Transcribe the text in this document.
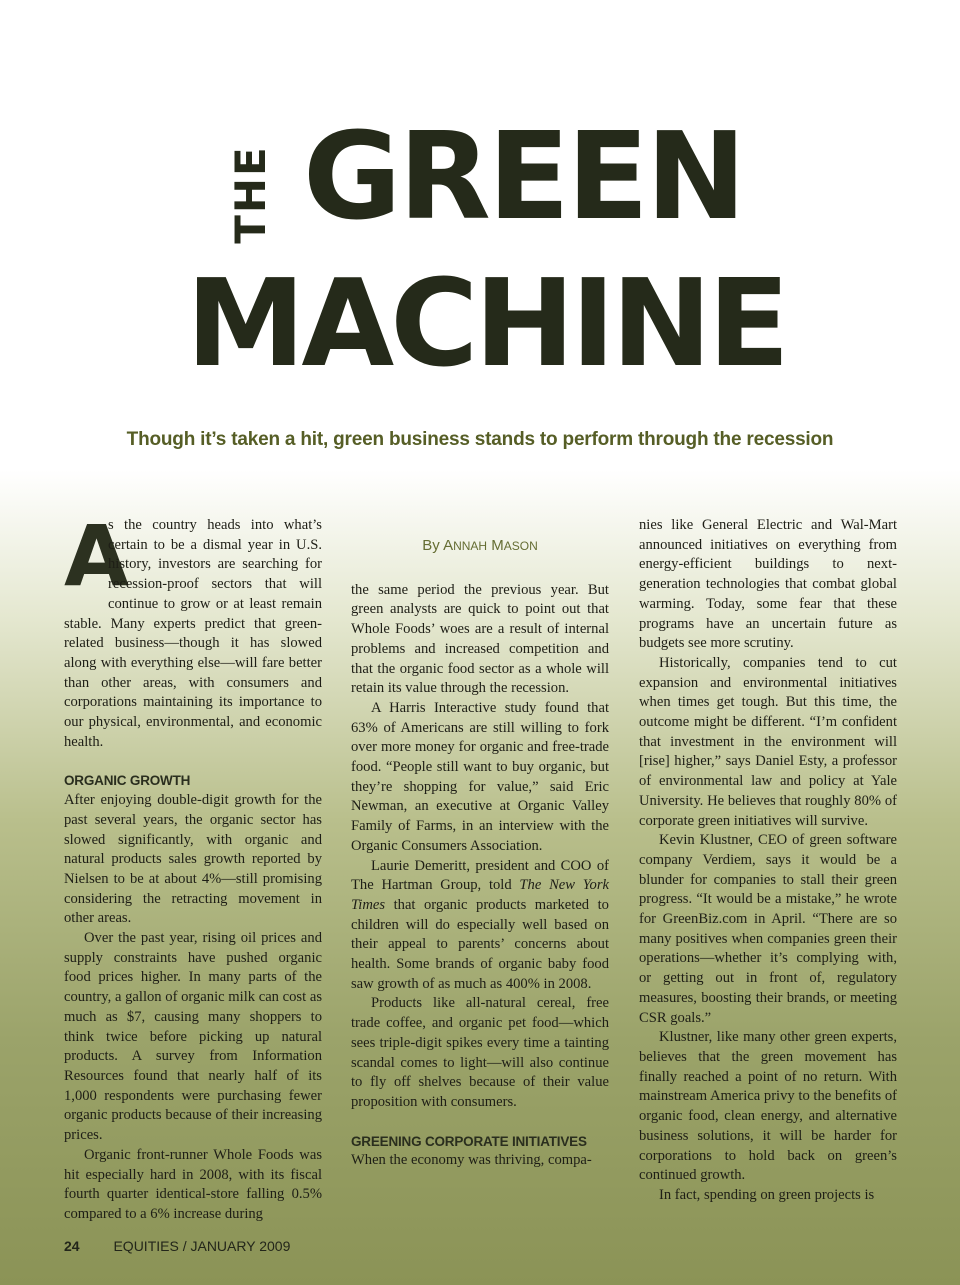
THE GREEN
MACHINE
Though it’s taken a hit, green business stands to perform through the recession
A

s the country heads into what’s certain to be a dismal year in U.S. history, investors are searching for recession-proof sectors that will continue to grow or at least remain stable. Many experts predict that green-related business—though it has slowed along with everything else—will fare better than other areas, with consumers and corporations maintaining its importance to our physical, environmental, and economic health.

ORGANIC GROWTH

After enjoying double-digit growth for the past several years, the organic sector has slowed significantly, with organic and natural products sales growth reported by Nielsen to be at about 4%—still promising considering the retracting movement in other areas.

Over the past year, rising oil prices and supply constraints have pushed organic food prices higher. In many parts of the country, a gallon of organic milk can cost as much as $7, causing many shoppers to think twice before picking up natural products. A survey from Information Resources found that nearly half of its 1,000 respondents were purchasing fewer organic products because of their increasing prices.

Organic front-runner Whole Foods was hit especially hard in 2008, with its fiscal fourth quarter identical-store falling 0.5% compared to a 6% increase during

By ANNAH MASON

the same period the previous year. But green analysts are quick to point out that Whole Foods’ woes are a result of internal problems and increased competition and that the organic food sector as a whole will retain its value through the recession.

A Harris Interactive study found that 63% of Americans are still willing to fork over more money for organic and free-trade food. “People still want to buy organic, but they’re shopping for value,” said Eric Newman, an executive at Organic Valley Family of Farms, in an interview with the Organic Consumers Association.

Laurie Demeritt, president and COO of The Hartman Group, told The New York Times that organic products marketed to children will do especially well based on their appeal to parents’ concerns about health. Some brands of organic baby food saw growth of as much as 400% in 2008.

Products like all-natural cereal, free trade coffee, and organic pet food—which sees triple-digit spikes every time a tainting scandal comes to light—will also continue to fly off shelves because of their value proposition with consumers.

GREENING CORPORATE INITIATIVES

When the economy was thriving, compa-

nies like General Electric and Wal-Mart announced initiatives on everything from energy-efficient buildings to next-generation technologies that combat global warming. Today, some fear that these programs have an uncertain future as budgets see more scrutiny.

Historically, companies tend to cut expansion and environmental initiatives when times get tough. But this time, the outcome might be different. “I’m confident that investment in the environment will [rise] higher,” says Daniel Esty, a professor of environmental law and policy at Yale University. He believes that roughly 80% of corporate green initiatives will survive.

Kevin Klustner, CEO of green software company Verdiem, says it would be a blunder for companies to stall their green progress. “It would be a mistake,” he wrote for GreenBiz.com in April. “There are so many positives when companies green their operations—whether it’s complying with, or getting out in front of, regulatory measures, boosting their brands, or meeting CSR goals.”

Klustner, like many other green experts, believes that the green movement has finally reached a point of no return. With mainstream America privy to the benefits of organic food, clean energy, and alternative business solutions, it will be harder for corporations to hold back on green’s continued growth.

In fact, spending on green projects is

24 EQUITIES / JANUARY 2009
